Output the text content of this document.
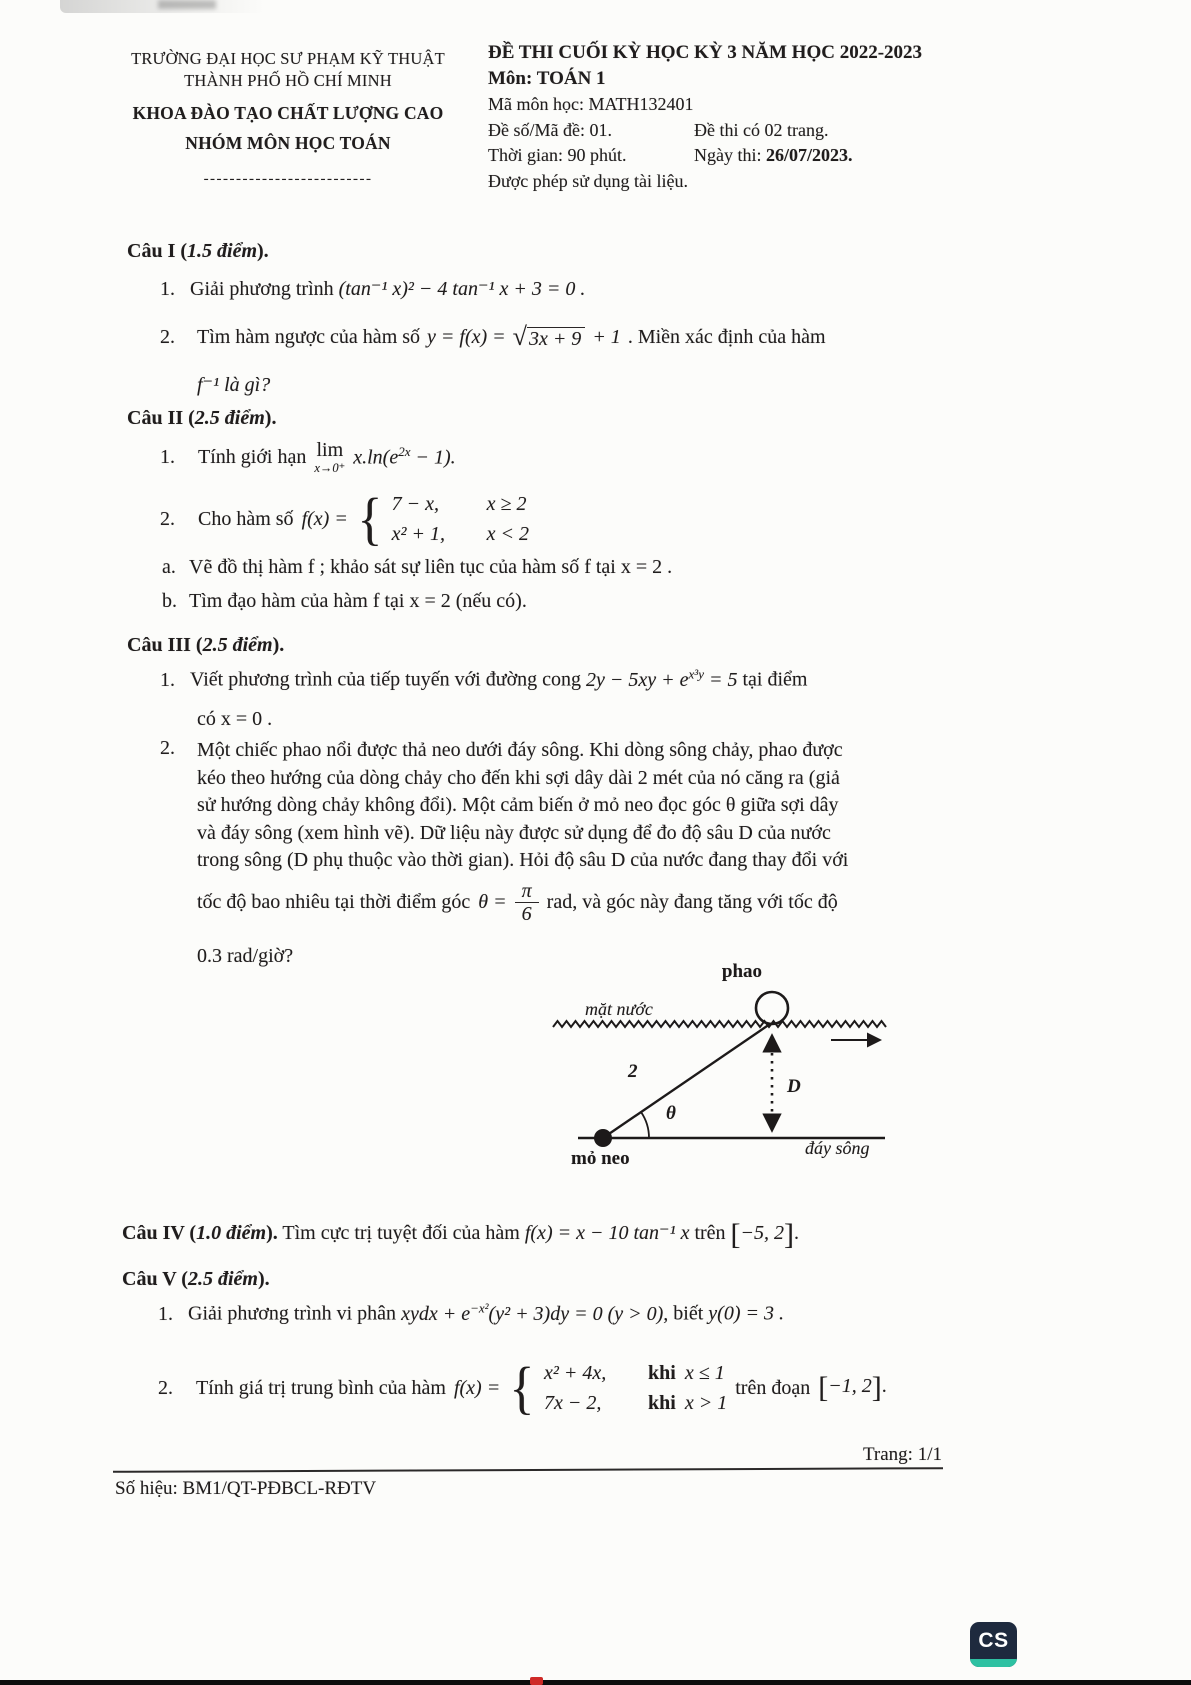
TRƯỜNG ĐẠI HỌC SƯ PHẠM KỸ THUẬT
THÀNH PHỐ HỒ CHÍ MINH
KHOA ĐÀO TẠO CHẤT LƯỢNG CAO
NHÓM MÔN HỌC TOÁN
--------------------------
ĐỀ THI CUỐI KỲ HỌC KỲ 3 NĂM HỌC 2022-2023
Môn: TOÁN 1
Mã môn học: MATH132401
Đề số/Mã đề: 01.	Đề thi có 02 trang.
Thời gian: 90 phút.	Ngày thi: 26/07/2023.
Được phép sử dụng tài liệu.
Câu I (1.5 điểm).
1. Giải phương trình (tan⁻¹ x)² − 4 tan⁻¹ x + 3 = 0 .
2.	Tìm hàm ngược của hàm số y = f(x) = √ 3x + 9 + 1 . Miền xác định của hàm
f⁻¹ là gì?
Câu II (2.5 điểm).
1.	Tính giới hạn lim
x→0⁺ $x.\ln(e^{2x} - 1)$.
2.	Cho hàm số f(x) = { 7 − x,	x ≥ 2
x² + 1,	x < 2
a. Vẽ đồ thị hàm f ; khảo sát sự liên tục của hàm số f tại x = 2 .
b. Tìm đạo hàm của hàm f tại x = 2 (nếu có).
Câu III (2.5 điểm).
1. Viết phương trình của tiếp tuyến với đường cong $2y - 5xy + e^{x^3y} = 5$ tại điểm
có x = 0 .
2. Một chiếc phao nổi được thả neo dưới đáy sông. Khi dòng sông chảy, phao được
kéo theo hướng của dòng chảy cho đến khi sợi dây dài 2 mét của nó căng ra (giả
sử hướng dòng chảy không đổi). Một cảm biến ở mỏ neo đọc góc θ giữa sợi dây
và đáy sông (xem hình vẽ). Dữ liệu này được sử dụng để đo độ sâu D của nước
trong sông (D phụ thuộc vào thời gian). Hỏi độ sâu D của nước đang thay đổi với
tốc độ bao nhiêu tại thời điểm góc $\theta = \frac{\pi}{6}$ rad, và góc này đang tăng với tốc độ
0.3 rad/giờ?
phao
mặt nước
2
D
θ
mỏ neo	đáy sông
Câu IV (1.0 điểm). Tìm cực trị tuyệt đối của hàm f(x) = x − 10 tan⁻¹ x trên [−5, 2].
Câu V (2.5 điểm).
1. Giải phương trình vi phân xydx + $e^{-x^2}(y^2 + 3)dy = 0$ (y > 0), biết y(0) = 3 .
2.	Tính giá trị trung bình của hàm f(x) = { x² + 4x,	khi x ≤ 1
7x − 2,	khi x > 1
trên đoạn [−1, 2].
Trang: 1/1
Số hiệu: BM1/QT-PĐBCL-RĐTV
CS
